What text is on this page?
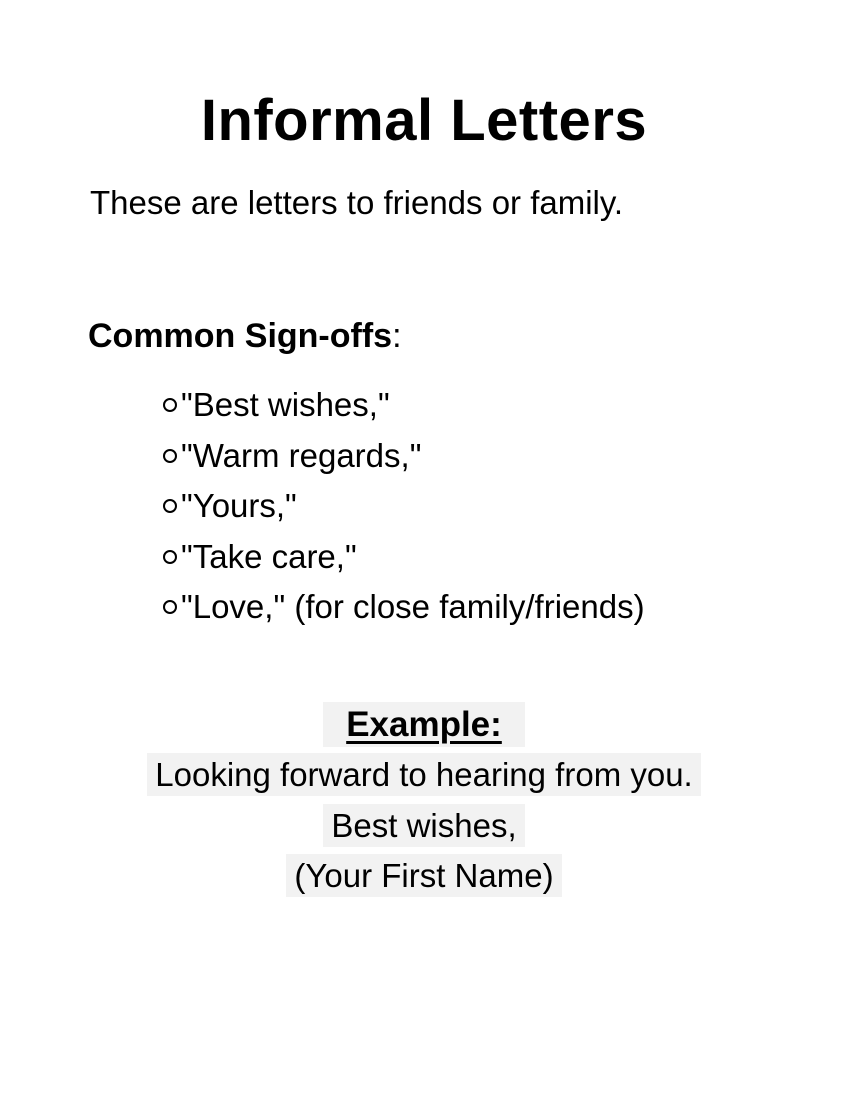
Informal Letters

These are letters to friends or family.

Common Sign-offs:

"Best wishes,"
"Warm regards,"
"Yours,"
"Take care,"
"Love," (for close family/friends)
Example:
Looking forward to hearing from you.
Best wishes,
(Your First Name)
